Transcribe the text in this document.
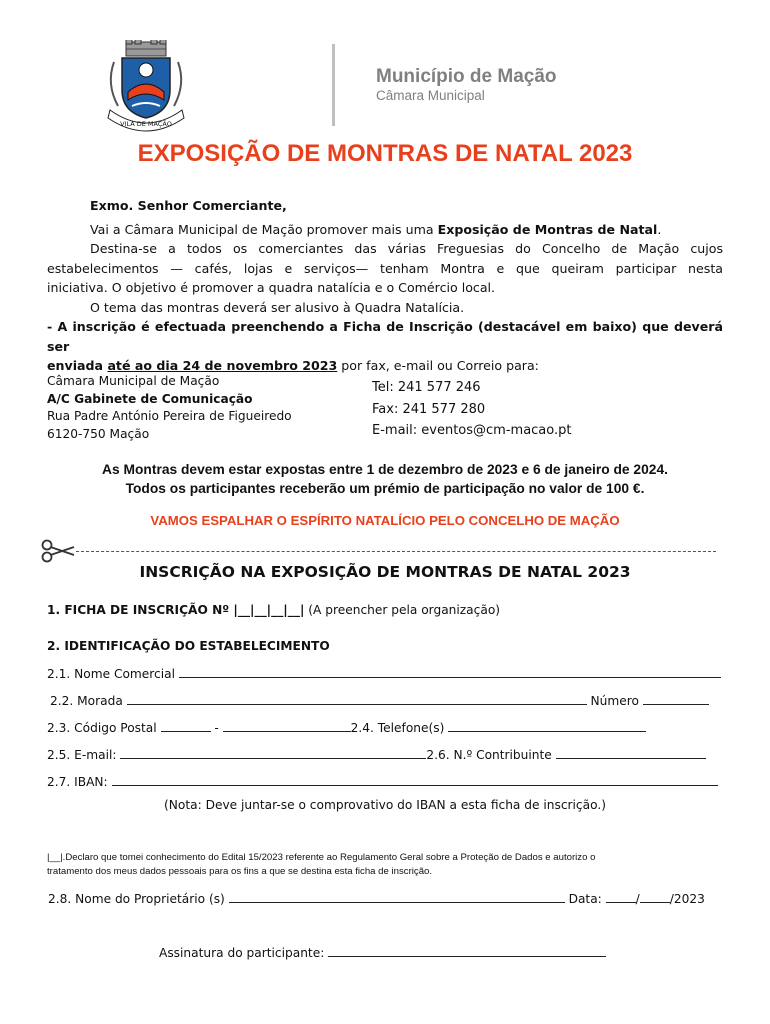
VILA DE MAÇÃO
Município de Mação
Câmara Municipal
EXPOSIÇÃO DE MONTRAS DE NATAL 2023

Exmo. Senhor Comerciante,

Vai a Câmara Municipal de Mação promover mais uma Exposição de Montras de Natal.

Destina-se a todos os comerciantes das várias Freguesias do Concelho de Mação cujos

estabelecimentos — cafés, lojas e serviços— tenham Montra e que queiram participar nesta

iniciativa. O objetivo é promover a quadra natalícia e o Comércio local.

O tema das montras deverá ser alusivo à Quadra Natalícia.

- A inscrição é efectuada preenchendo a Ficha de Inscrição (destacável em baixo) que deverá ser

enviada até ao dia 24 de novembro 2023 por fax, e-mail ou Correio para:

Câmara Municipal de Mação
A/C Gabinete de Comunicação
Rua Padre António Pereira de Figueiredo
6120-750 Mação
Tel: 241 577 246
Fax: 241 577 280
E-mail: eventos@cm-macao.pt
As Montras devem estar expostas entre 1 de dezembro de 2023 e 6 de janeiro de 2024.
Todos os participantes receberão um prémio de participação no valor de 100 €.
VAMOS ESPALHAR O ESPÍRITO NATALÍCIO PELO CONCELHO DE MAÇÃO
INSCRIÇÃO NA EXPOSIÇÃO DE MONTRAS DE NATAL 2023
1. FICHA DE INSCRIÇÃO Nº |__|__|__|__| (A preencher pela organização)
2. IDENTIFICAÇÃO DO ESTABELECIMENTO
2.1. Nome Comercial
2.2. Morada	Número
2.3. Código Postal	-	2.4. Telefone(s)
2.5. E-mail:	2.6. N.º Contribuinte
2.7. IBAN:
(Nota: Deve juntar-se o comprovativo do IBAN a esta ficha de inscrição.)
|__|.Declaro que tomei conhecimento do Edital 15/2023 referente ao Regulamento Geral sobre a Proteção de Dados e autorizo o
tratamento dos meus dados pessoais para os fins a que se destina esta ficha de inscrição.
2.8. Nome do Proprietário (s)	Data:	/ /2023
Assinatura do participante:
